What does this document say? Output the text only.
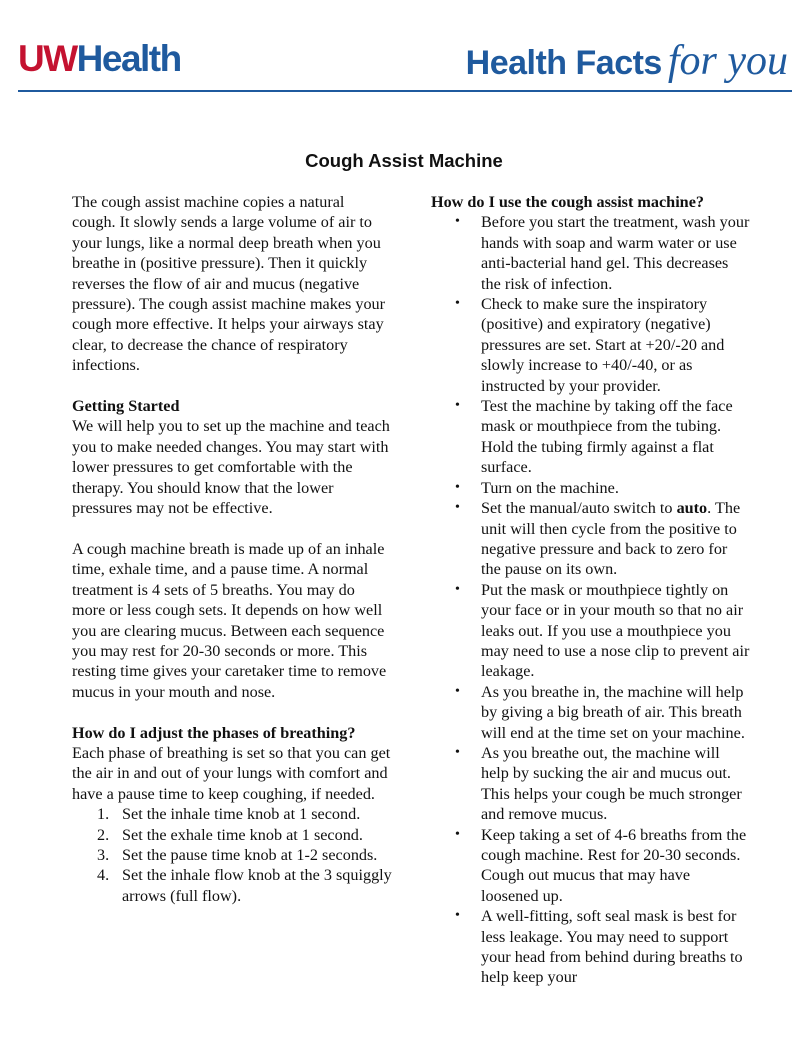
UWHealth	Health Facts for you
Cough Assist Machine

The cough assist machine copies a natural cough. It slowly sends a large volume of air to your lungs, like a normal deep breath when you breathe in (positive pressure). Then it quickly reverses the flow of air and mucus (negative pressure). The cough assist machine makes your cough more effective. It helps your airways stay clear, to decrease the chance of respiratory infections.

Getting Started

We will help you to set up the machine and teach you to make needed changes. You may start with lower pressures to get comfortable with the therapy. You should know that the lower pressures may not be effective.

A cough machine breath is made up of an inhale time, exhale time, and a pause time. A normal treatment is 4 sets of 5 breaths. You may do more or less cough sets. It depends on how well you are clearing mucus. Between each sequence you may rest for 20-30 seconds or more. This resting time gives your caretaker time to remove mucus in your mouth and nose.

How do I adjust the phases of breathing?

Each phase of breathing is set so that you can get the air in and out of your lungs with comfort and have a pause time to keep coughing, if needed.

1. Set the inhale time knob at 1 second.
2. Set the exhale time knob at 1 second.
3. Set the pause time knob at 1-2 seconds.
4. Set the inhale flow knob at the 3 squiggly arrows (full flow).
How do I use the cough assist machine?
• Before you start the treatment, wash your hands with soap and warm water or use anti-bacterial hand gel. This decreases the risk of infection.
• Check to make sure the inspiratory (positive) and expiratory (negative) pressures are set. Start at +20/-20 and slowly increase to +40/-40, or as instructed by your provider.
• Test the machine by taking off the face mask or mouthpiece from the tubing. Hold the tubing firmly against a flat surface.
• Turn on the machine.
• Set the manual/auto switch to auto. The unit will then cycle from the positive to negative pressure and back to zero for the pause on its own.
• Put the mask or mouthpiece tightly on your face or in your mouth so that no air leaks out. If you use a mouthpiece you may need to use a nose clip to prevent air leakage.
• As you breathe in, the machine will help by giving a big breath of air. This breath will end at the time set on your machine.
• As you breathe out, the machine will help by sucking the air and mucus out. This helps your cough be much stronger and remove mucus.
• Keep taking a set of 4-6 breaths from the cough machine. Rest for 20-30 seconds. Cough out mucus that may have loosened up.
• A well-fitting, soft seal mask is best for less leakage. You may need to support your head from behind during breaths to help keep your
